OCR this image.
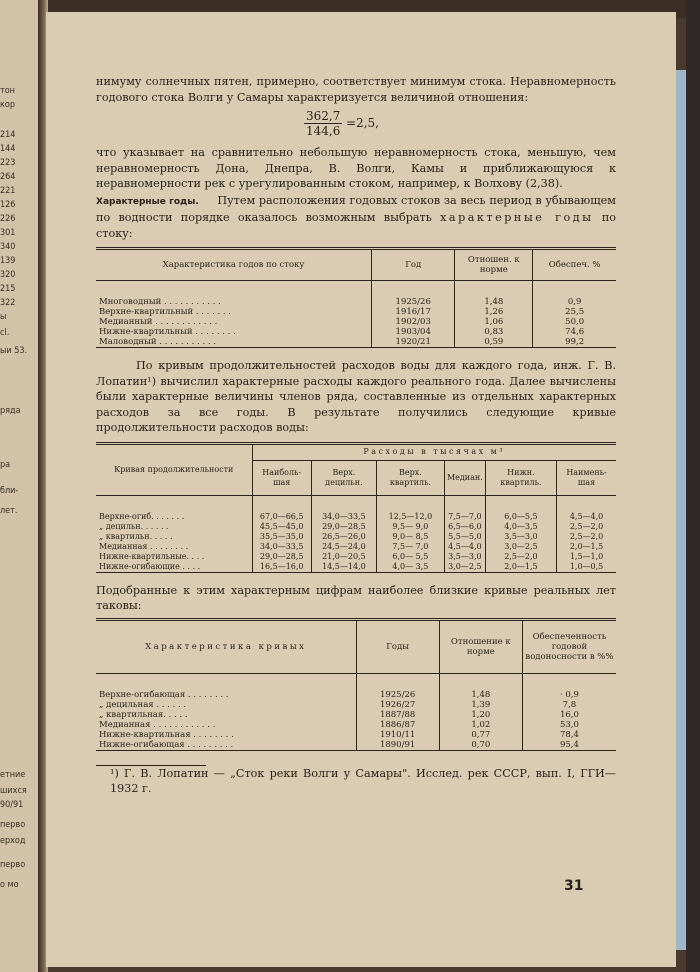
тон
кор
214
144
223
264
221
126
226
301
340
139
320
215
322
ы
сl.
ыи 53.
ряда
ра
бли-
лет.
етние
шихся
90/91
перво
ерход
перво
о мо

нимуму солнечных пятен, примерно, соответствует минимум стока. Неравномерность годового стока Волги у Самары характеризуется величиной отношения:

$\frac{362,7}{144,6} =2,5$,

что указывает на сравнительно небольшую неравномерность стока, меньшую, чем неравномерность Дона, Днепра, В. Волги, Камы и приближающуюся к неравномерности рек с урегулированным стоком, например, к Волхову (2,38).

Характерные годы. Путем расположения годовых стоков за весь период в убывающем по водности порядке оказалось возможным выбрать характерные годы по стоку:

Характеристика годов по стоку	Год	Отношен. к норме	Обеспеч. %

Многоводный . . . . . . . . . . .	1925/26	1,48	0,9
Верхне-квартильный . . . . . . .	1916/17	1,26	25,5
Медианный . . . . . . . . . . . .	1902/03	1,06	50,0
Нижне-квартильный . . . . . . . .	1903/04	0,83	74,6
Маловодный . . . . . . . . . . .	1920/21	0,59	99,2

По кривым продолжительностей расходов воды для каждого года, инж. Г. В. Лопатин¹) вычислил характерные расходы каждого реального года. Далее вычислены были характерные величины членов ряда, составленные из отдельных характерных расходов за все годы. В результате получились следующие кривые продолжительности расходов воды:

Кривая продолжительности	Расходы в тысячах м³					
	Наиболь-шая	Верх. децильн.	Верх. квартиль.	Медиан.	Нижн. квартиль.	Наимень-шая

Верхне-огиб. . . . . . .	67,0—66,5	34,0—33,5	12,5—12,0	7,5—7,0	6,0—5,5	4,5—4,0
„ децильн. . . . . .	45,5—45,0	29,0—28,5	9,5— 9,0	6,5—6,0	4,0—3,5	2,5—2,0
„ квартильн. . . . .	35,5—35,0	26,5—26,0	9,0— 8,5	5,5—5,0	3,5—3,0	2,5—2,0
Медианная . . . . . . . .	34,0—33,5	24,5—24,0	7,5— 7,0	4,5—4,0	3,0—2,5	2,0—1,5
Нижне-квартильные. . . .	29,0—28,5	21,0—20,5	6,0— 5,5	3,5—3,0	2,5—2,0	1,5—1,0
Нижне-огибающие . . . .	16,5—16,0	14,5—14,0	4,0— 3,5	3,0—2,5	2,0—1,5	1,0—0,5

Подобранные к этим характерным цифрам наиболее близкие кривые реальных лет таковы:

Характеристика кривых	Годы	Отношение к норме	Обеспеченность годовой водоносности в %%

Верхне-огибающая . . . . . . . .	1925/26	1,48	· 0,9
„ децильная . . . . . .	1926/27	1,39	7,8
„ квартильная. . . . .	1887/88	1,20	16,0
Медианная . . . . . . . . . . . .	1886/87	1,02	53,0
Нижне-квартильная . . . . . . . .	1910/11	0,77	78,4
Нижне-огибающая . . . . . . . . .	1890/91	0,70	95,4

¹) Г. В. Лопатин — „Сток реки Волги у Самары". Исслед. рек СССР, вып. I, ГГИ—1932 г.

31
